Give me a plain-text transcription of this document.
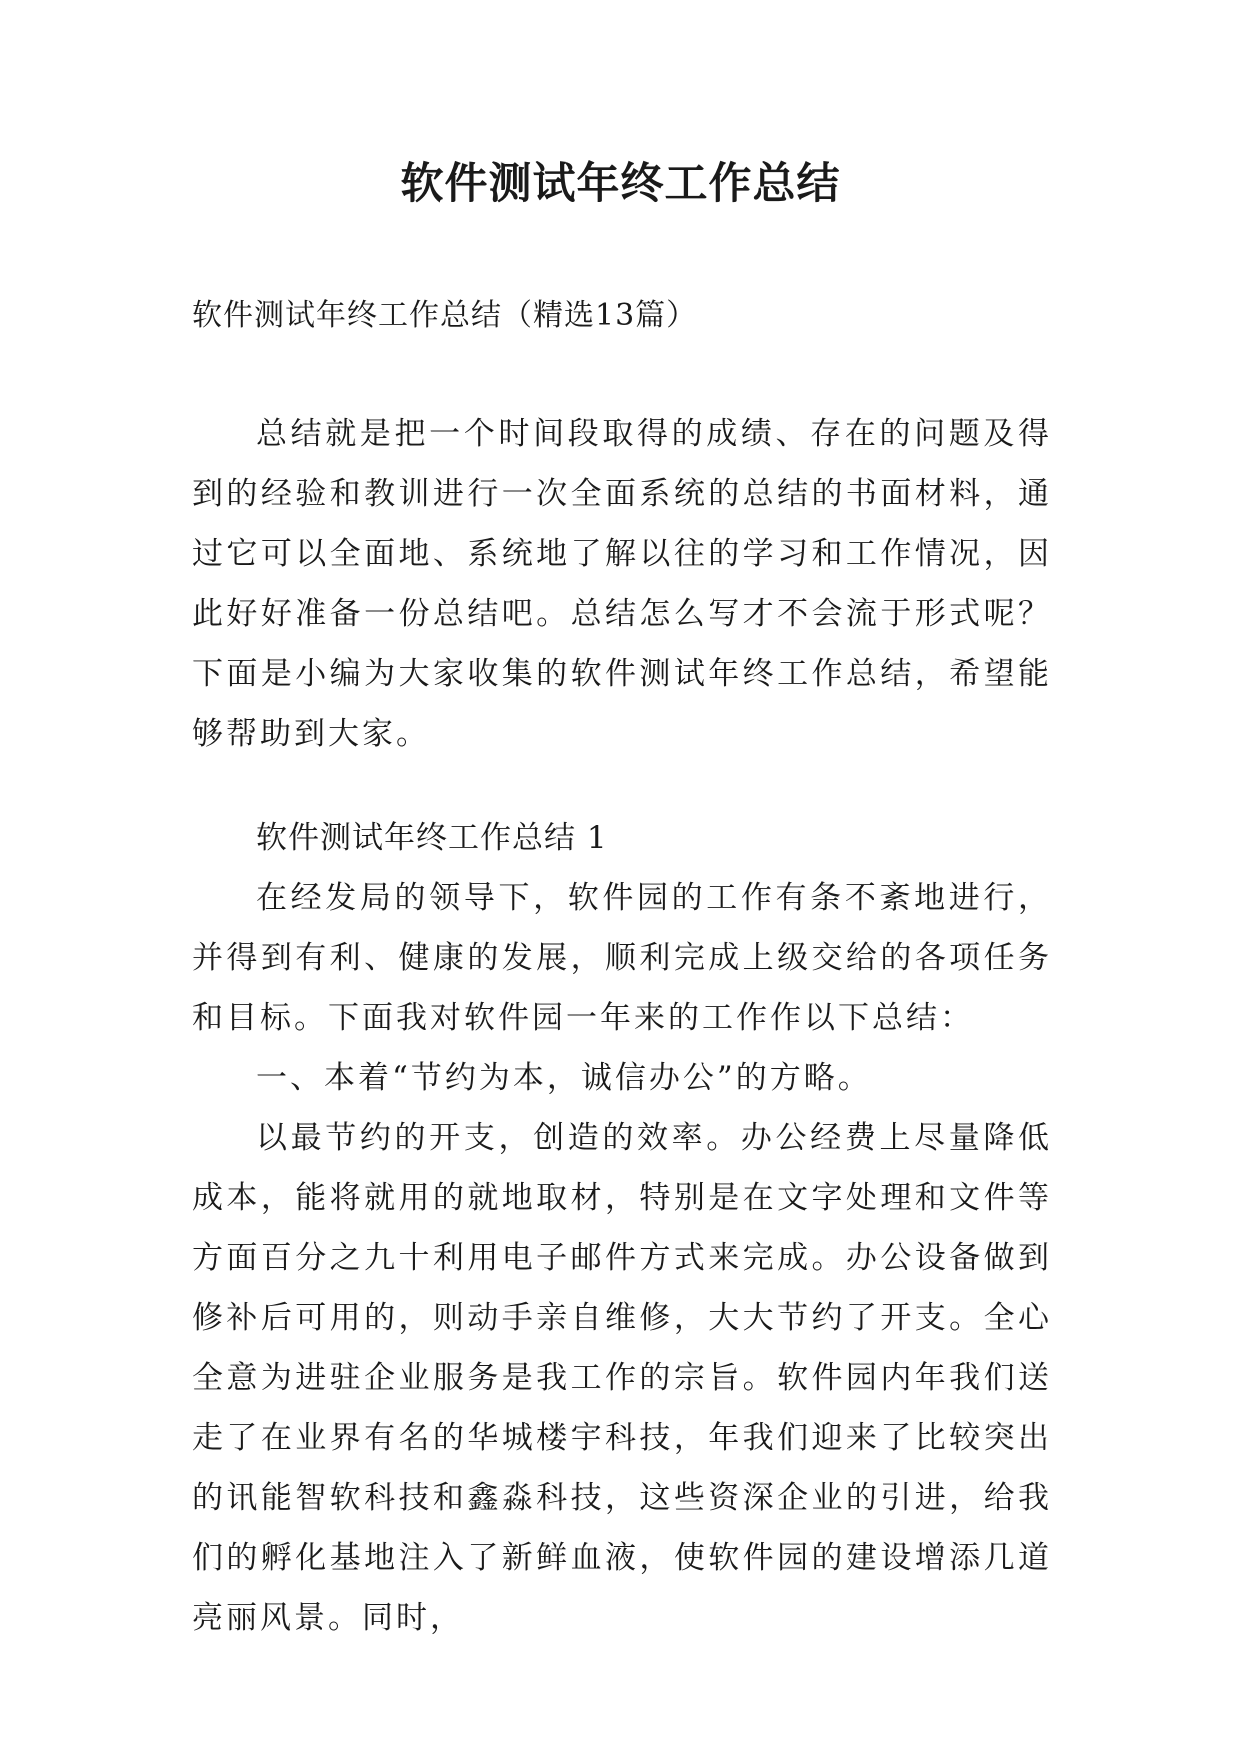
软件测试年终工作总结

软件测试年终工作总结（精选13篇）

总结就是把一个时间段取得的成绩、存在的问题及得到的经验和教训进行一次全面系统的总结的书面材料，通过它可以全面地、系统地了解以往的学习和工作情况，因此好好准备一份总结吧。总结怎么写才不会流于形式呢？下面是小编为大家收集的软件测试年终工作总结，希望能够帮助到大家。

软件测试年终工作总结 1

在经发局的领导下，软件园的工作有条不紊地进行，并得到有利、健康的发展，顺利完成上级交给的各项任务和目标。下面我对软件园一年来的工作作以下总结：

一、本着“节约为本，诚信办公”的方略。

以最节约的开支，创造的效率。办公经费上尽量降低成本，能将就用的就地取材，特别是在文字处理和文件等方面百分之九十利用电子邮件方式来完成。办公设备做到修补后可用的，则动手亲自维修，大大节约了开支。全心全意为进驻企业服务是我工作的宗旨。软件园内年我们送走了在业界有名的华城楼宇科技，年我们迎来了比较突出的讯能智软科技和鑫淼科技，这些资深企业的引进，给我们的孵化基地注入了新鲜血液，使软件园的建设增添几道亮丽风景。同时，
